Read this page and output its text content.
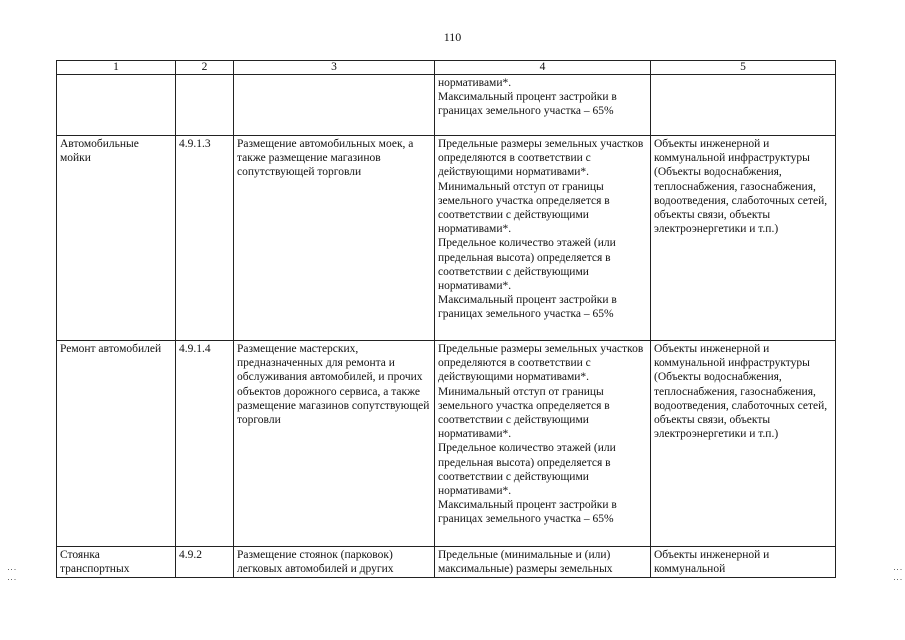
110
1	2	3	4	5

			нормативами*.
Максимальный процент застройки в границах земельного участка – 65%	

Автомобильные мойки	4.9.1.3	Размещение автомобильных моек, а также размещение магазинов сопутствующей торговли	Предельные размеры земельных участков определяются в соответствии с действующими нормативами*.
Минимальный отступ от границы земельного участка определяется в соответствии с действующими нормативами*.
Предельное количество этажей (или предельная высота) определяется в соответствии с действующими нормативами*.
Максимальный процент застройки в границах земельного участка – 65%	Объекты инженерной и коммунальной инфраструктуры (Объекты водоснабжения, теплоснабжения, газоснабжения, водоотведения, слаботочных сетей, объекты связи, объекты электроэнергетики и т.п.)
Ремонт автомобилей	4.9.1.4	Размещение мастерских, предназначенных для ремонта и обслуживания автомобилей, и прочих объектов дорожного сервиса, а также размещение магазинов сопутствующей торговли	Предельные размеры земельных участков определяются в соответствии с действующими нормативами*.
Минимальный отступ от границы земельного участка определяется в соответствии с действующими нормативами*.
Предельное количество этажей (или предельная высота) определяется в соответствии с действующими нормативами*.
Максимальный процент застройки в границах земельного участка – 65%	Объекты инженерной и коммунальной инфраструктуры (Объекты водоснабжения, теплоснабжения, газоснабжения, водоотведения, слаботочных сетей, объекты связи, объекты электроэнергетики и т.п.)

Стоянка транспортных	4.9.2	Размещение стоянок (парковок) легковых автомобилей и других	Предельные (минимальные и (или) максимальные) размеры земельных	Объекты инженерной и коммунальной
⋮⋮	⋮⋮
